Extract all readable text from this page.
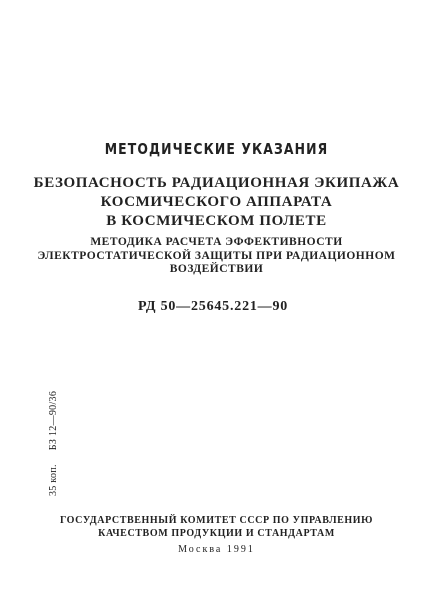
МЕТОДИЧЕСКИЕ УКАЗАНИЯ
БЕЗОПАСНОСТЬ РАДИАЦИОННАЯ ЭКИПАЖА
КОСМИЧЕСКОГО АППАРАТА
В КОСМИЧЕСКОМ ПОЛЕТЕ
МЕТОДИКА РАСЧЕТА ЭФФЕКТИВНОСТИ
ЭЛЕКТРОСТАТИЧЕСКОЙ ЗАЩИТЫ ПРИ РАДИАЦИОННОМ
ВОЗДЕЙСТВИИ
РД 50—25645.221—90
35 коп.БЗ 12—90/36
ГОСУДАРСТВЕННЫЙ КОМИТЕТ СССР ПО УПРАВЛЕНИЮ
КАЧЕСТВОМ ПРОДУКЦИИ И СТАНДАРТАМ
Москва 1991
